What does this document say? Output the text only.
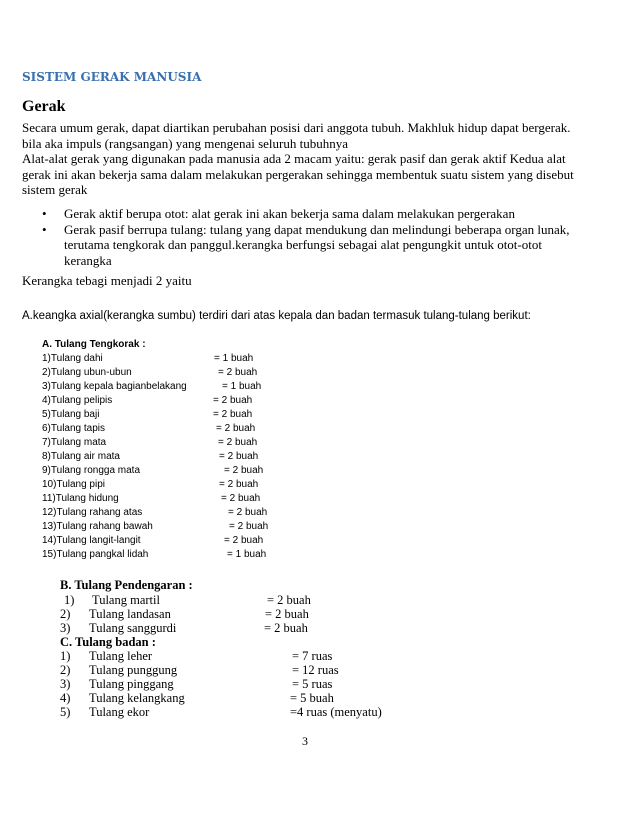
SISTEM GERAK MANUSIA
Gerak
Secara umum gerak, dapat diartikan perubahan posisi dari anggota tubuh. Makhluk hidup dapat bergerak.
bila aka impuls (rangsangan) yang mengenai seluruh tubuhnya
Alat-alat gerak yang digunakan pada manusia ada 2 macam yaitu: gerak pasif dan gerak aktif Kedua alat
gerak ini akan bekerja sama dalam melakukan pergerakan sehingga membentuk suatu sistem yang disebut
sistem gerak
• Gerak aktif berupa otot: alat gerak ini akan bekerja sama dalam melakukan pergerakan
• Gerak pasif berrupa tulang: tulang yang dapat mendukung dan melindungi beberapa organ lunak,
terutama tengkorak dan panggul.kerangka berfungsi sebagai alat pengungkit untuk otot-otot
kerangka
Kerangka tebagi menjadi 2 yaitu
A.keangka axial(kerangka sumbu) terdiri dari atas kepala dan badan termasuk tulang-tulang berikut:
A. Tulang Tengkorak :
1)Tulang dahi	= 1 buah
2)Tulang ubun-ubun	= 2 buah
3)Tulang kepala bagianbelakang	= 1 buah
4)Tulang pelipis	= 2 buah
5)Tulang baji	= 2 buah
6)Tulang tapis	= 2 buah
7)Tulang mata	= 2 buah
8)Tulang air mata	= 2 buah
9)Tulang rongga mata	= 2 buah
10)Tulang pipi	= 2 buah
11)Tulang hidung	= 2 buah
12)Tulang rahang atas	= 2 buah
13)Tulang rahang bawah	= 2 buah
14)Tulang langit-langit	= 2 buah
15)Tulang pangkal lidah	= 1 buah
B. Tulang Pendengaran :
1) Tulang martil	= 2 buah
2) Tulang landasan	= 2 buah
3) Tulang sanggurdi	= 2 buah
C. Tulang badan :
1) Tulang leher	= 7 ruas
2) Tulang punggung	= 12 ruas
3) Tulang pinggang	= 5 ruas
4) Tulang kelangkang	= 5 buah
5) Tulang ekor	=4 ruas (menyatu)
3
